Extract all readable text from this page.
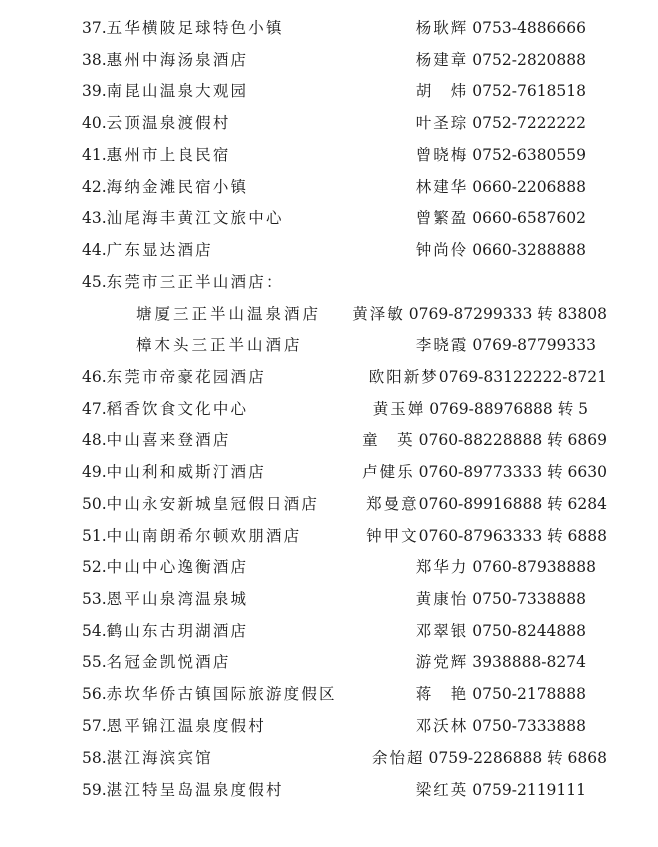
37.五华横陂足球特色小镇	杨耿辉 0753-4886666
38.惠州中海汤泉酒店	杨建章 0752-2820888
39.南昆山温泉大观园	胡　炜 0752-7618518
40.云顶温泉渡假村	叶圣琮 0752-7222222
41.惠州市上良民宿	曾晓梅 0752-6380559
42.海纳金滩民宿小镇	林建华 0660-2206888
43.汕尾海丰黄江文旅中心	曾繁盈 0660-6587602
44.广东显达酒店	钟尚伶 0660-3288888
45.东莞市三正半山酒店：
塘厦三正半山温泉酒店 黄泽敏 0769-87299333 转 83808
樟木头三正半山酒店	李晓霞 0769-87799333
46.东莞市帝豪花园酒店	欧阳新梦0769-83122222-8721
47.稻香饮食文化中心	黄玉婵 0769-88976888 转 5
48.中山喜来登酒店	童　英 0760-88228888 转 6869
49.中山利和威斯汀酒店	卢健乐 0760-89773333 转 6630
50.中山永安新城皇冠假日酒店	郑曼意0760-89916888 转 6284
51.中山南朗希尔顿欢朋酒店	钟甲文0760-87963333 转 6888
52.中山中心逸衡酒店	郑华力 0760-87938888
53.恩平山泉湾温泉城	黄康怡 0750-7338888
54.鹤山东古玥湖酒店	邓翠银 0750-8244888
55.名冠金凯悦酒店	游党辉 3938888-8274
56.赤坎华侨古镇国际旅游度假区	蒋　艳 0750-2178888
57.恩平锦江温泉度假村	邓沃林 0750-7333888
58.湛江海滨宾馆	余怡超 0759-2286888 转 6868
59.湛江特呈岛温泉度假村	梁红英 0759-2119111
